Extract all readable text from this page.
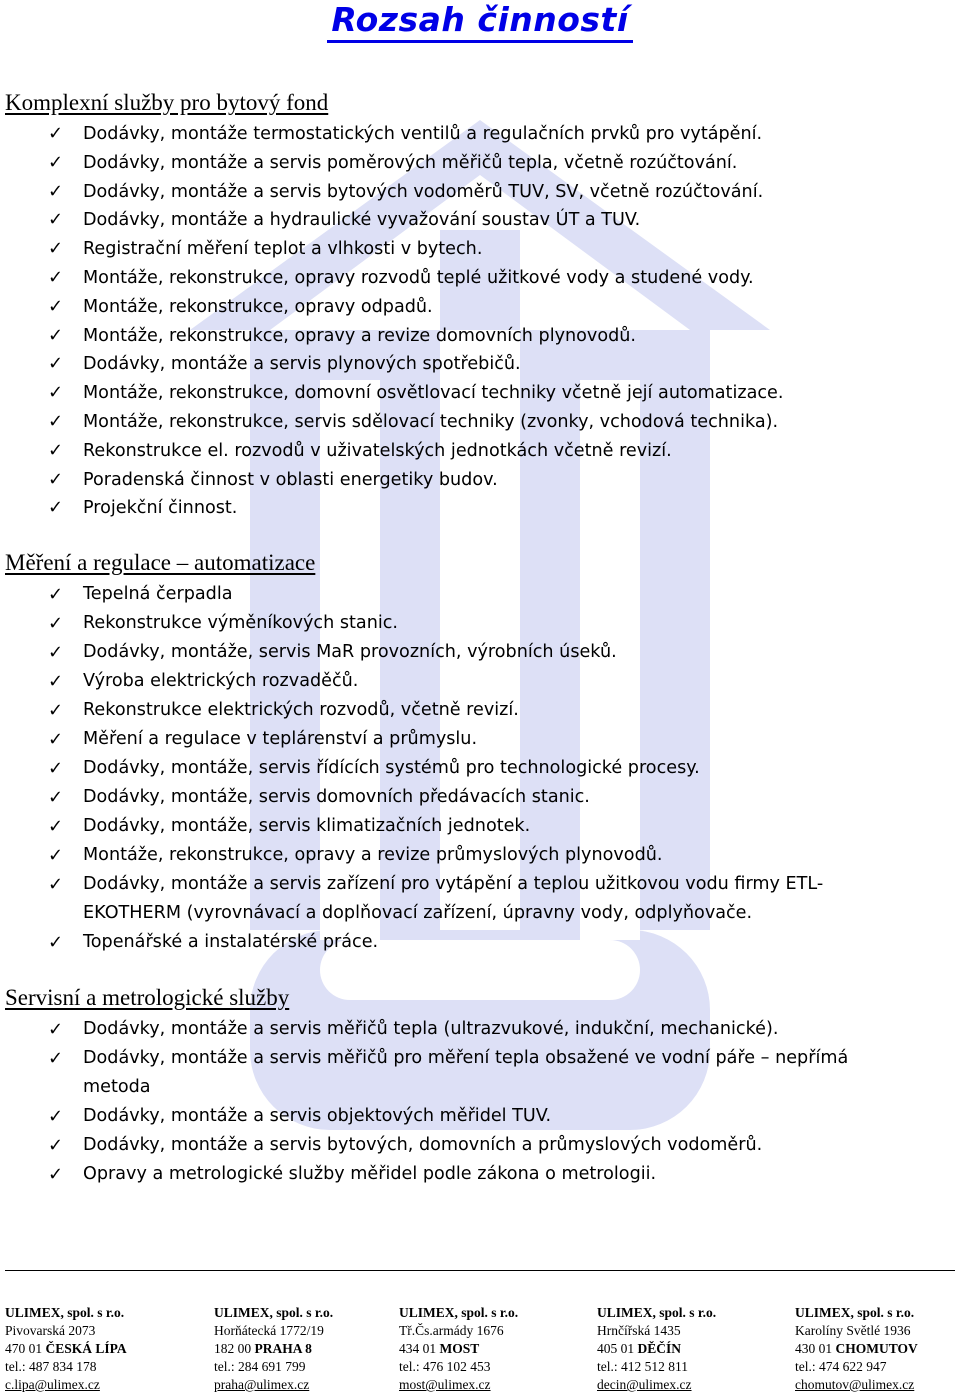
Rozsah činností
Komplexní služby pro bytový fond
✓ Dodávky, montáže termostatických ventilů a regulačních prvků pro vytápění.
✓ Dodávky, montáže a servis poměrových měřičů tepla, včetně rozúčtování.
✓ Dodávky, montáže a servis bytových vodoměrů TUV, SV, včetně rozúčtování.
✓ Dodávky, montáže a hydraulické vyvažování soustav ÚT a TUV.
✓ Registrační měření teplot a vlhkosti v bytech.
✓ Montáže, rekonstrukce, opravy rozvodů teplé užitkové vody a studené vody.
✓ Montáže, rekonstrukce, opravy odpadů.
✓ Montáže, rekonstrukce, opravy a revize domovních plynovodů.
✓ Dodávky, montáže a servis plynových spotřebičů.
✓ Montáže, rekonstrukce, domovní osvětlovací techniky včetně její automatizace.
✓ Montáže, rekonstrukce, servis sdělovací techniky (zvonky, vchodová technika).
✓ Rekonstrukce el. rozvodů v uživatelských jednotkách včetně revizí.
✓ Poradenská činnost v oblasti energetiky budov.
✓ Projekční činnost.
Měření a regulace – automatizace
✓ Tepelná čerpadla
✓ Rekonstrukce výměníkových stanic.
✓ Dodávky, montáže, servis MaR provozních, výrobních úseků.
✓ Výroba elektrických rozvaděčů.
✓ Rekonstrukce elektrických rozvodů, včetně revizí.
✓ Měření a regulace v teplárenství a průmyslu.
✓ Dodávky, montáže, servis řídících systémů pro technologické procesy.
✓ Dodávky, montáže, servis domovních předávacích stanic.
✓ Dodávky, montáže, servis klimatizačních jednotek.
✓ Montáže, rekonstrukce, opravy a revize průmyslových plynovodů.
✓ Dodávky, montáže a servis zařízení pro vytápění a teplou užitkovou vodu firmy ETL-EKOTHERM (vyrovnávací a doplňovací zařízení, úpravny vody, odplyňovače.
✓ Topenářské a instalatérské práce.
Servisní a metrologické služby
✓ Dodávky, montáže a servis měřičů tepla (ultrazvukové, indukční, mechanické).
✓ Dodávky, montáže a servis měřičů pro měření tepla obsažené ve vodní páře – nepřímá metoda
✓ Dodávky, montáže a servis objektových měřidel TUV.
✓ Dodávky, montáže a servis bytových, domovních a průmyslových vodoměrů.
✓ Opravy a metrologické služby měřidel podle zákona o metrologii.
ULIMEX, spol. s r.o.
Pivovarská 2073
470 01 ČESKÁ LÍPA
tel.: 487 834 178
c.lipa@ulimex.cz
ULIMEX, spol. s r.o.
Horňátecká 1772/19
182 00 PRAHA 8
tel.: 284 691 799
praha@ulimex.cz
ULIMEX, spol. s r.o.
Tř.Čs.armády 1676
434 01 MOST
tel.: 476 102 453
most@ulimex.cz
ULIMEX, spol. s r.o.
Hrnčířská 1435
405 01 DĚČÍN
tel.: 412 512 811
decin@ulimex.cz
ULIMEX, spol. s r.o.
Karolíny Světlé 1936
430 01 CHOMUTOV
tel.: 474 622 947
chomutov@ulimex.cz
